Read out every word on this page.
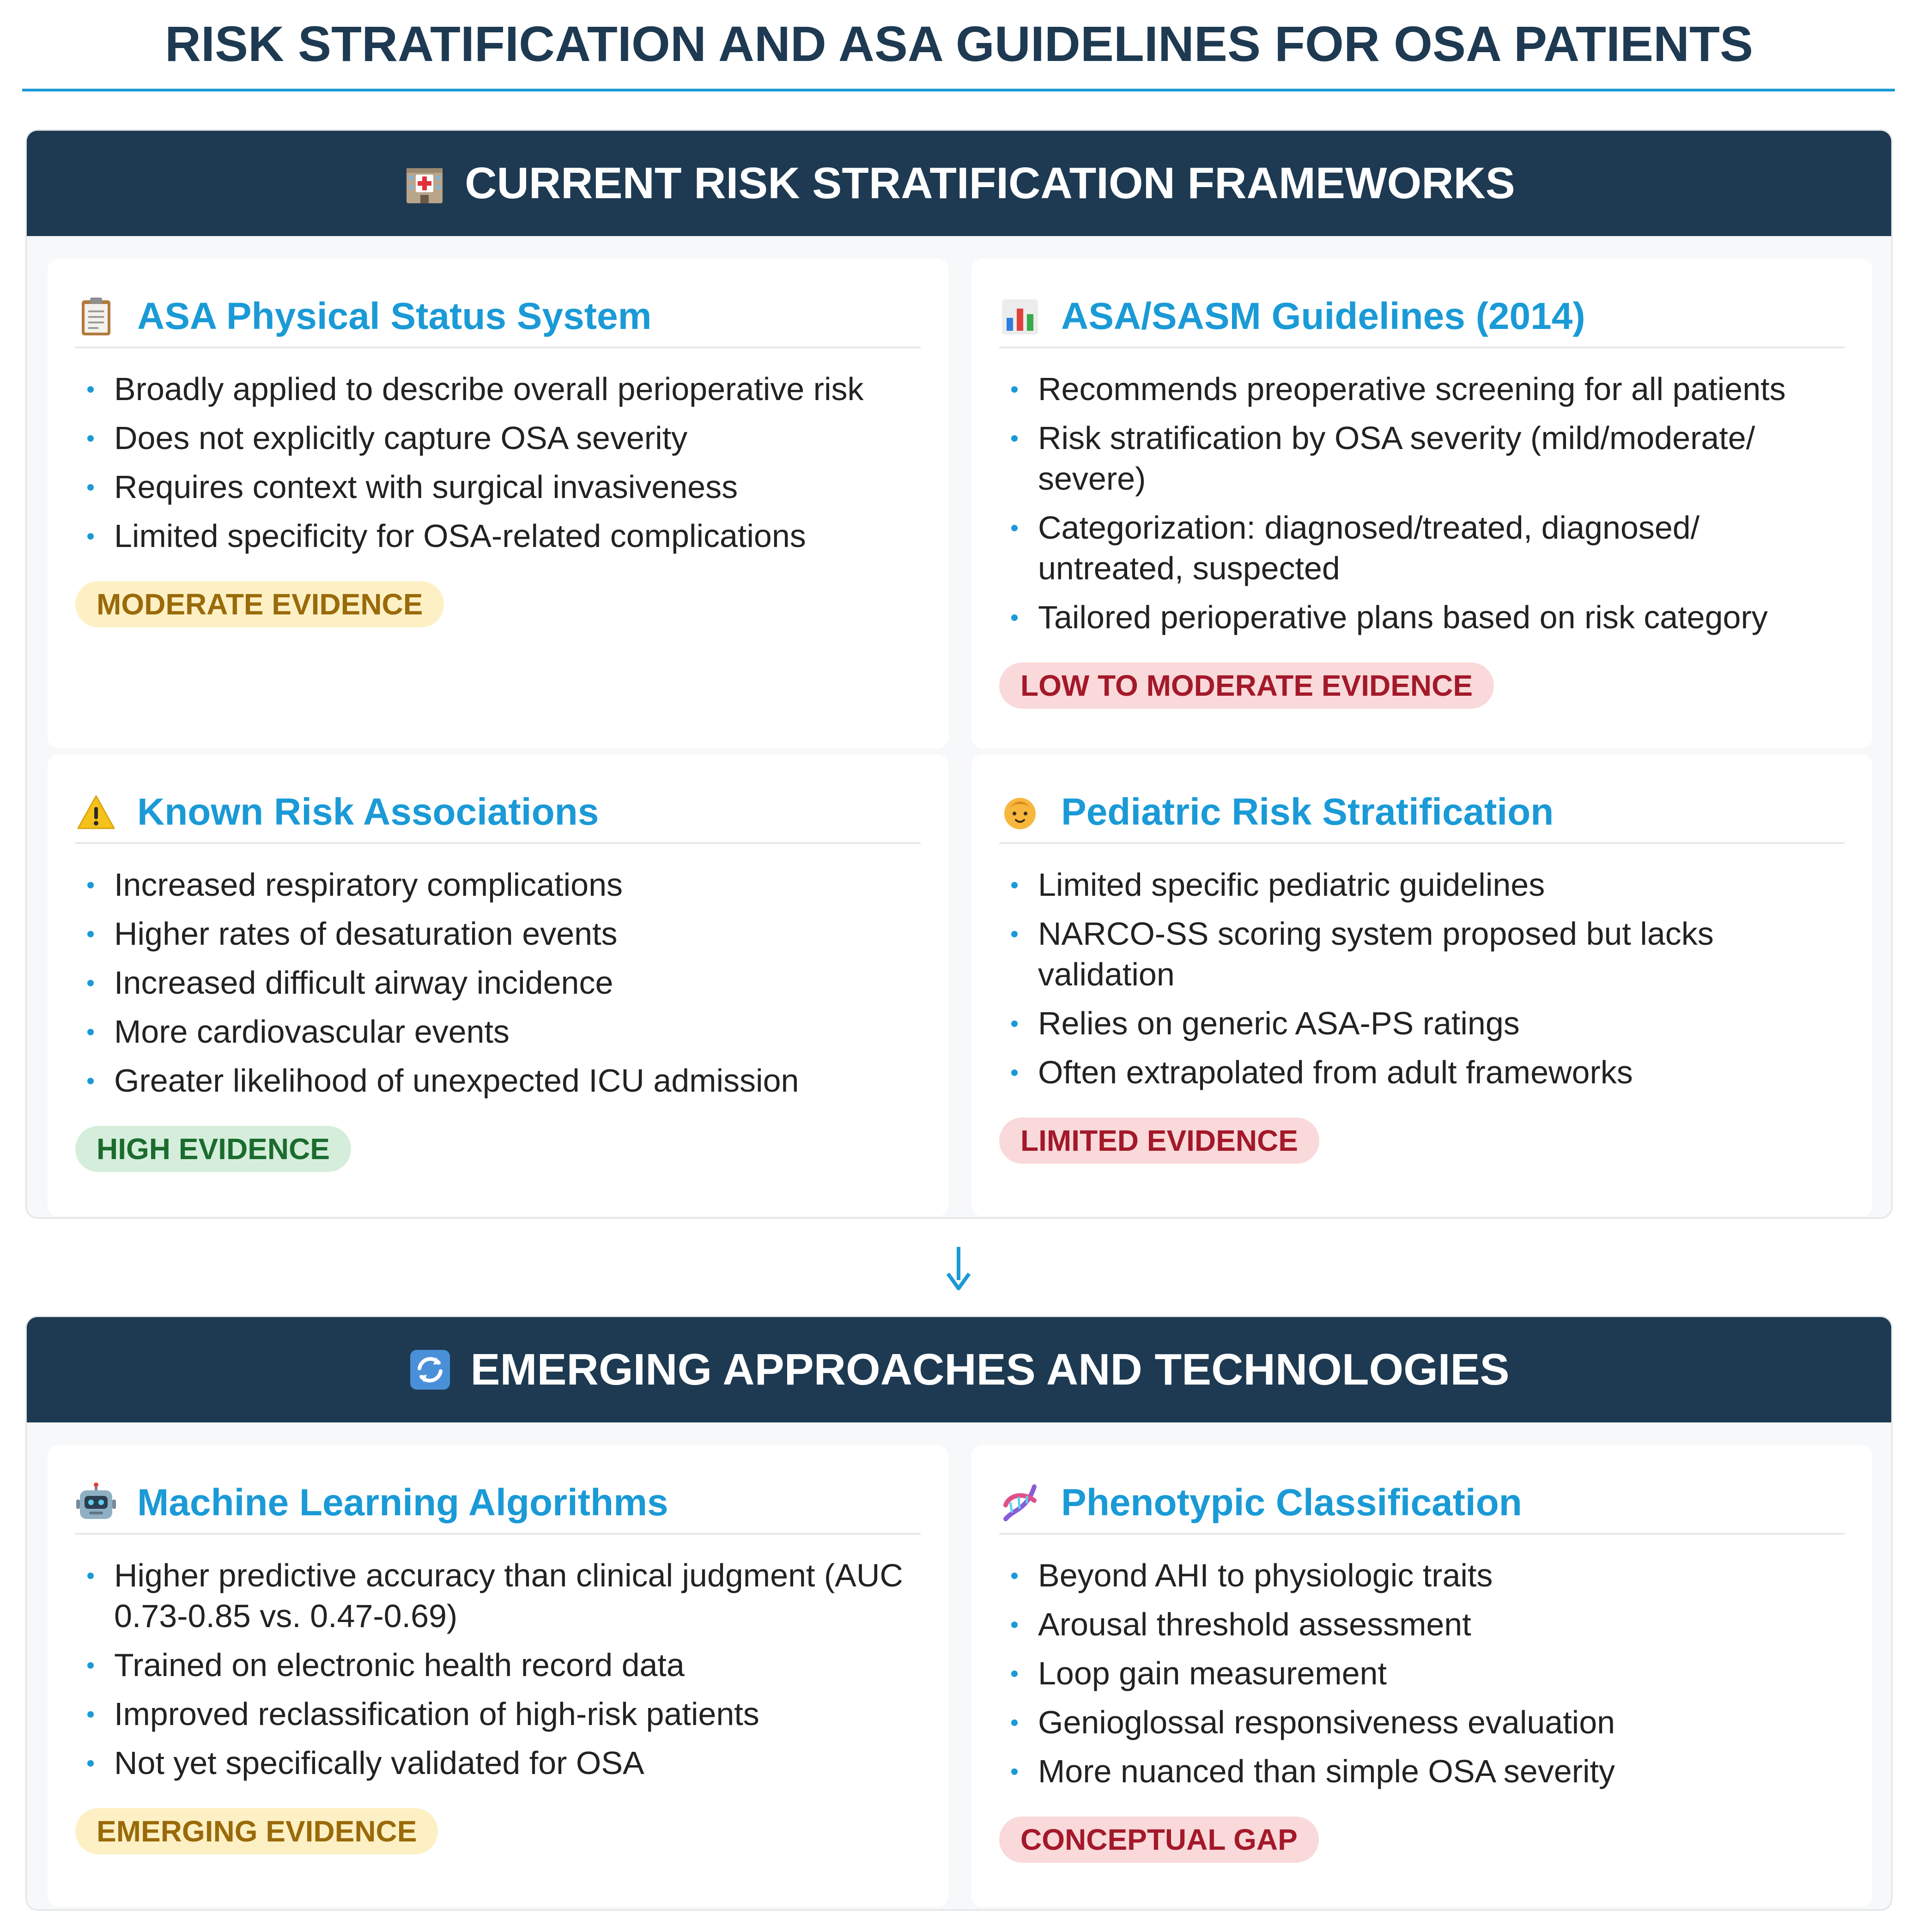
RISK STRATIFICATION AND ASA GUIDELINES FOR OSA PATIENTS
CURRENT RISK STRATIFICATION FRAMEWORKS
ASA Physical Status System
Broadly applied to describe overall perioperative risk
Does not explicitly capture OSA severity
Requires context with surgical invasiveness
Limited specificity for OSA-related complications
MODERATE EVIDENCE
ASA/SASM Guidelines (2014)
Recommends preoperative screening for all patients
Risk stratification by OSA severity (mild/moderate/ severe)
Categorization: diagnosed/treated, diagnosed/ untreated, suspected
Tailored perioperative plans based on risk category
LOW TO MODERATE EVIDENCE
Known Risk Associations
Increased respiratory complications
Higher rates of desaturation events
Increased difficult airway incidence
More cardiovascular events
Greater likelihood of unexpected ICU admission
HIGH EVIDENCE
Pediatric Risk Stratification
Limited specific pediatric guidelines
NARCO-SS scoring system proposed but lacks validation
Relies on generic ASA-PS ratings
Often extrapolated from adult frameworks
LIMITED EVIDENCE
EMERGING APPROACHES AND TECHNOLOGIES
Machine Learning Algorithms
Higher predictive accuracy than clinical judgment (AUC 0.73-0.85 vs. 0.47-0.69)
Trained on electronic health record data
Improved reclassification of high-risk patients
Not yet specifically validated for OSA
EMERGING EVIDENCE
Phenotypic Classification
Beyond AHI to physiologic traits
Arousal threshold assessment
Loop gain measurement
Genioglossal responsiveness evaluation
More nuanced than simple OSA severity
CONCEPTUAL GAP
